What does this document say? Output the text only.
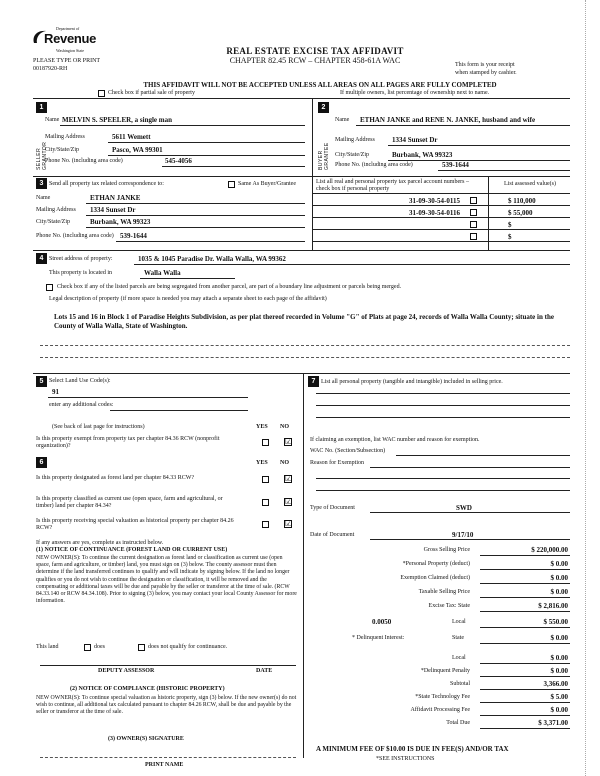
Department of
Revenue
Washington State
PLEASE TYPE OR PRINT
00187920-RH
REAL ESTATE EXCISE TAX AFFIDAVIT
CHAPTER 82.45 RCW – CHAPTER 458-61A WAC	This form is your receipt
when stamped by cashier.
THIS AFFIDAVIT WILL NOT BE ACCEPTED UNLESS ALL AREAS ON ALL PAGES ARE FULLY COMPLETED
Check box if partial sale of property	If multiple owners, list percentage of ownership next to name.
1	2
SELLER GRANTOR	BUYER GRANTEE
Name MELVIN S. SPEELER, a single man
Mailing Address	5611 Wemett
City/State/Zip	Pasco, WA 99301
Phone No. (including area code)	545-4056
Name ETHAN JANKE and RENE N. JANKE, husband and wife
Mailing Address 1334 Sunset Dr
City/State/Zip	Burbank, WA 99323
Phone No. (including area code)	539-1644
3 Send all property tax related correspondence to:	Same As Buyer/Grantee
Name	ETHAN JANKE
Mailing Address 1334 Sunset Dr
City/State/Zip	Burbank, WA 99323
Phone No. (including area code) 539-1644
List all real and personal property tax parcel account numbers – check box if personal property
List assessed value(s)
31-09-30-54-0115	$ 110,000
31-09-30-54-0116	$ 55,000
$
$
4 Street address of property:	1035 & 1045 Paradise Dr. Walla Walla, WA 99362
This property is located in	Walla Walla
Check box if any of the listed parcels are being segregated from another parcel, are part of a boundary line adjustment or parcels being merged.
Legal description of property (if more space is needed you may attach a separate sheet to each page of the affidavit)
Lots 15 and 16 in Block 1 of Paradise Heights Subdivision, as per plat thereof recorded in Volume "G" of Plats at page 24, records of Walla Walla County; situate in the County of Walla Walla, State of Washington.
5 Select Land Use Code(s):
91
enter any additional codes:
(See back of last page for instructions)	YES NO
Is this property exempt from property tax per chapter 84.36 RCW (nonprofit organization)?	☑
6	YES NO
Is this property designated as forest land per chapter 84.33 RCW?	☑
Is this property classified as current use (open space, farm and agricultural, or timber) land per chapter 84.34?	☑
Is this property receiving special valuation as historical property per chapter 84.26 RCW?	☑
If any answers are yes, complete as instructed below.
(1) NOTICE OF CONTINUANCE (FOREST LAND OR CURRENT USE)
NEW OWNER(S): To continue the current designation as forest land or classification as current use (open space, farm and agriculture, or timber) land, you must sign on (3) below. The county assessor must then determine if the land transferred continues to qualify and will indicate by signing below. If the land no longer qualifies or you do not wish to continue the designation or classification, it will be removed and the compensating or additional taxes will be due and payable by the seller or transferor at the time of sale. (RCW 84.33.140 or RCW 84.34.108). Prior to signing (3) below, you may contact your local County Assessor for more information.
This land	does	does not qualify for continuance.
DEPUTY ASSESSOR	DATE
(2) NOTICE OF COMPLIANCE (HISTORIC PROPERTY)
NEW OWNER(S): To continue special valuation as historic property, sign (3) below. If the new owner(s) do not wish to continue, all additional tax calculated pursuant to chapter 84.26 RCW, shall be due and payable by the seller or transferor at the time of sale.
(3) OWNER(S) SIGNATURE
PRINT NAME
7 List all personal property (tangible and intangible) included in selling price.
If claiming an exemption, list WAC number and reason for exemption.
WAC No. (Section/Subsection)
Reason for Exemption
Type of Document	SWD
Date of Document	9/17/10
Gross Selling Price	$ 220,000.00
*Personal Property (deduct)	$ 0.00
Exemption Claimed (deduct)	$ 0.00
Taxable Selling Price	$ 0.00
Excise Tax: State	$ 2,816.00
0.0050	Local	$ 550.00
* Delinquent Interest:	State	$ 0.00
Local	$ 0.00
*Delinquent Penalty	$ 0.00
Subtotal	3,366.00
*State Technology Fee	$ 5.00
Affidavit Processing Fee	$ 0.00
Total Due	$ 3,371.00
A MINIMUM FEE OF $10.00 IS DUE IN FEE(S) AND/OR TAX
*SEE INSTRUCTIONS
